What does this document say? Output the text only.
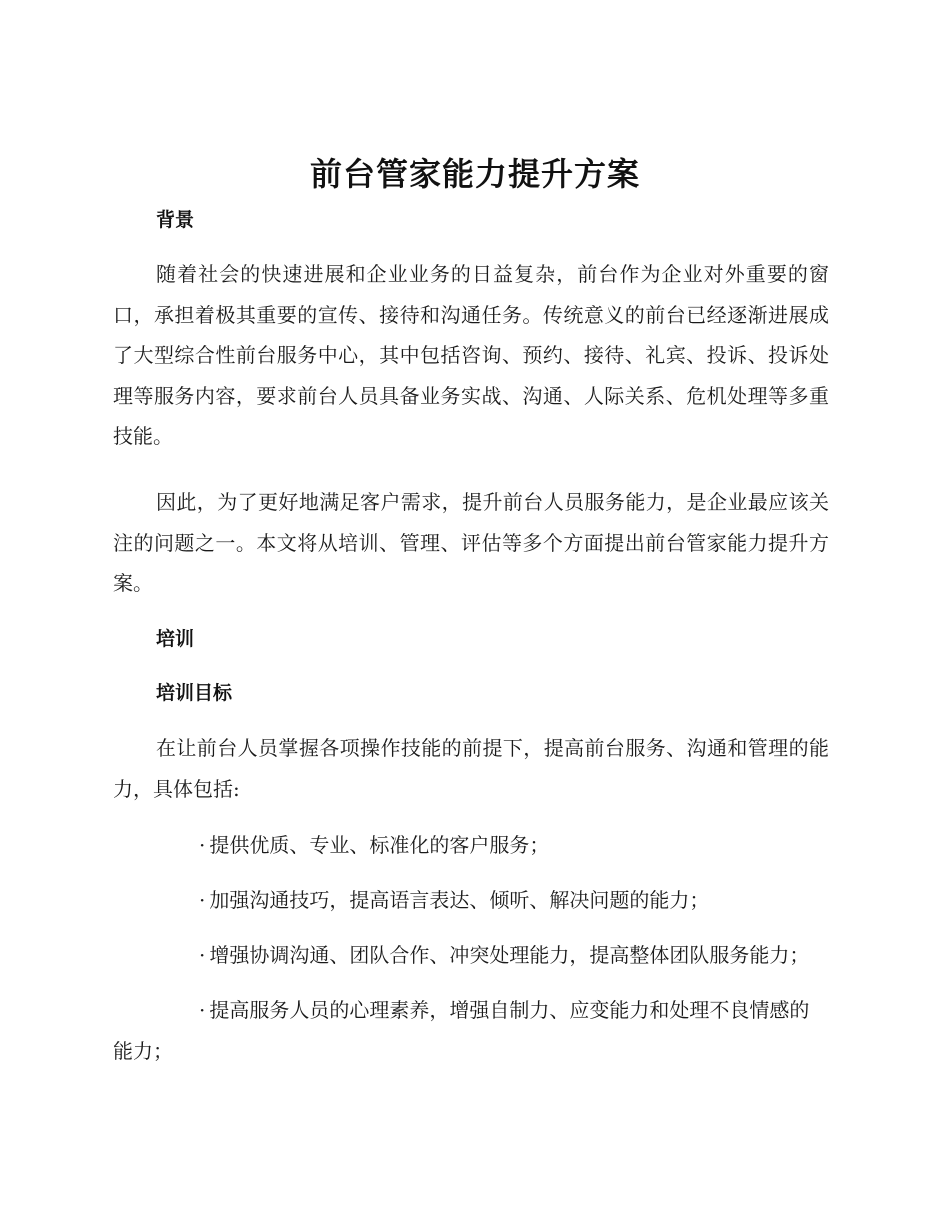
前台管家能力提升方案
背景

随着社会的快速进展和企业业务的日益复杂，前台作为企业对外重要的窗口，承担着极其重要的宣传、接待和沟通任务。传统意义的前台已经逐渐进展成了大型综合性前台服务中心，其中包括咨询、预约、接待、礼宾、投诉、投诉处理等服务内容，要求前台人员具备业务实战、沟通、人际关系、危机处理等多重技能。

因此，为了更好地满足客户需求，提升前台人员服务能力，是企业最应该关注的问题之一。本文将从培训、管理、评估等多个方面提出前台管家能力提升方案。

培训
培训目标

在让前台人员掌握各项操作技能的前提下，提高前台服务、沟通和管理的能力，具体包括:

· 提供优质、专业、标准化的客户服务；

· 加强沟通技巧，提高语言表达、倾听、解决问题的能力；

· 增强协调沟通、团队合作、冲突处理能力，提高整体团队服务能力；

· 提高服务人员的心理素养，增强自制力、应变能力和处理不良情感的能力；
